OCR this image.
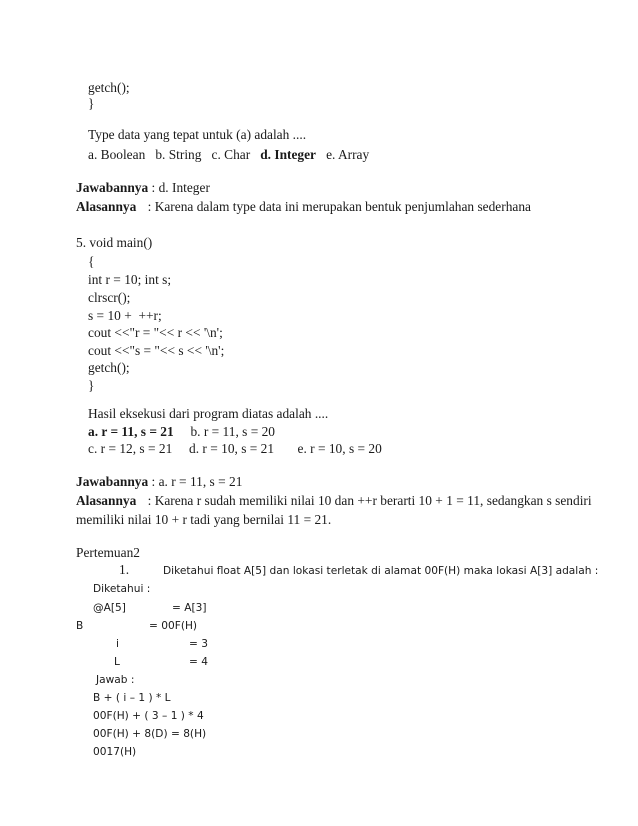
getch();
}
Type data yang tepat untuk (a) adalah ....
a. Boolean b. String c. Char d. Integer e. Array
Jawabannya : d. Integer
Alasannya : Karena dalam type data ini merupakan bentuk penjumlahan sederhana
5. void main()
{
int r = 10; int s;
clrscr();
s = 10 +  ++r;
cout <<"r = "<< r << '\n';
cout <<"s = "<< s << '\n';
getch();
}
Hasil eksekusi dari program diatas adalah ....
a. r = 11, s = 21 b. r = 11, s = 20
c. r = 12, s = 21 d. r = 10, s = 21 e. r = 10, s = 20
Jawabannya : a. r = 11, s = 21
Alasannya : Karena r sudah memiliki nilai 10 dan ++r berarti 10 + 1 = 11, sedangkan s sendiri
memiliki nilai 10 + r tadi yang bernilai 11 = 21.
Pertemuan2
1.	Diketahui float A[5] dan lokasi terletak di alamat 00F(H) maka lokasi A[3] adalah :
Diketahui :
@A[5]	= A[3]
B	= 00F(H)
i	= 3
L	= 4
Jawab :
B + ( i – 1 ) * L
00F(H) + ( 3 – 1 ) * 4
00F(H) + 8(D) = 8(H)
0017(H)
